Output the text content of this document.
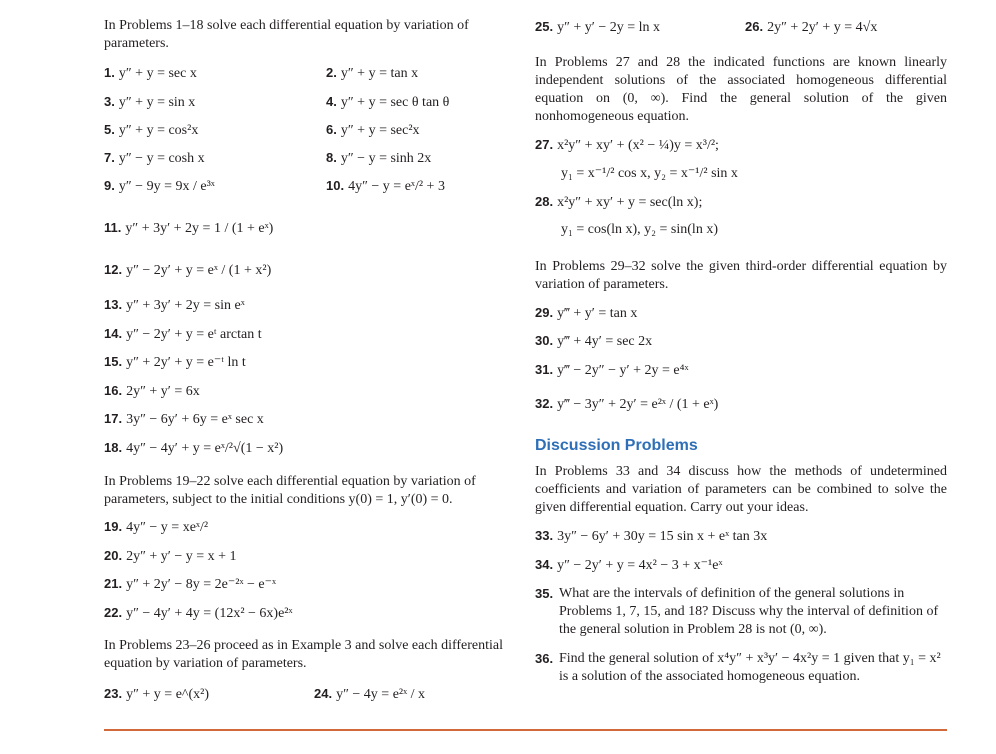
In Problems 1–18 solve each differential equation by variation of parameters.
1. y″ + y = sec x	2. y″ + y = tan x
3. y″ + y = sin x	4. y″ + y = sec θ tan θ
5. y″ + y = cos²x	6. y″ + y = sec²x
7. y″ − y = cosh x	8. y″ − y = sinh 2x
9. y″ − 9y = 9x / e³ˣ	10. 4y″ − y = eˣ/² + 3
11. y″ + 3y′ + 2y = 1 / (1 + eˣ)
12. y″ − 2y′ + y = eˣ / (1 + x²)
13. y″ + 3y′ + 2y = sin eˣ
14. y″ − 2y′ + y = eᵗ arctan t
15. y″ + 2y′ + y = e⁻ᵗ ln t
16. 2y″ + y′ = 6x
17. 3y″ − 6y′ + 6y = eˣ sec x
18. 4y″ − 4y′ + y = eˣ/²√(1 − x²)
In Problems 19–22 solve each differential equation by variation of parameters, subject to the initial conditions y(0) = 1, y′(0) = 0.
19. 4y″ − y = xeˣ/²
20. 2y″ + y′ − y = x + 1
21. y″ + 2y′ − 8y = 2e⁻²ˣ − e⁻ˣ
22. y″ − 4y′ + 4y = (12x² − 6x)e²ˣ
In Problems 23–26 proceed as in Example 3 and solve each differential equation by variation of parameters.
23. y″ + y = e^(x²)	24. y″ − 4y = e²ˣ / x
25. y″ + y′ − 2y = ln x	26. 2y″ + 2y′ + y = 4√x
In Problems 27 and 28 the indicated functions are known linearly independent solutions of the associated homogeneous differential equation on (0, ∞). Find the general solution of the given nonhomogeneous equation.
27. x²y″ + xy′ + (x² − ¼)y = x³/²;
y₁ = x⁻¹/² cos x, y₂ = x⁻¹/² sin x
28. x²y″ + xy′ + y = sec(ln x);
y₁ = cos(ln x), y₂ = sin(ln x)
In Problems 29–32 solve the given third-order differential equation by variation of parameters.
29. y‴ + y′ = tan x
30. y‴ + 4y′ = sec 2x
31. y‴ − 2y″ − y′ + 2y = e⁴ˣ
32. y‴ − 3y″ + 2y′ = e²ˣ / (1 + eˣ)
Discussion Problems
In Problems 33 and 34 discuss how the methods of undetermined coefficients and variation of parameters can be combined to solve the given differential equation. Carry out your ideas.
33. 3y″ − 6y′ + 30y = 15 sin x + eˣ tan 3x
34. y″ − 2y′ + y = 4x² − 3 + x⁻¹eˣ
35. What are the intervals of definition of the general solutions in Problems 1, 7, 15, and 18? Discuss why the interval of definition of the general solution in Problem 28 is not (0, ∞).
36. Find the general solution of x⁴y″ + x³y′ − 4x²y = 1 given that y₁ = x² is a solution of the associated homogeneous equation.
